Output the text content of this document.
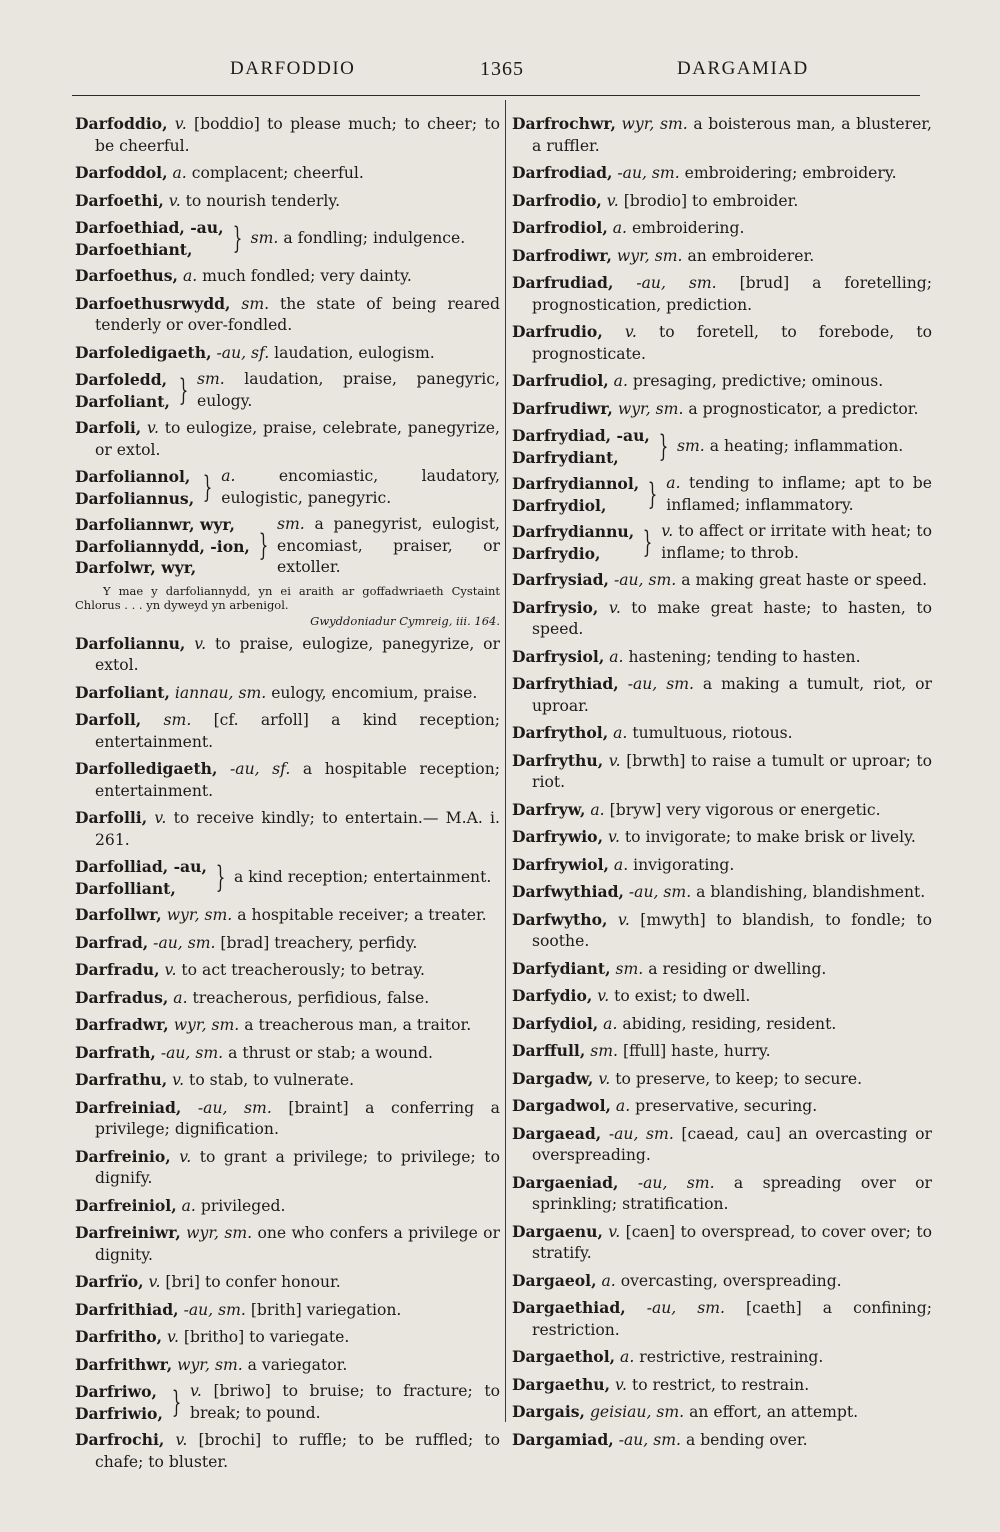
DARFODDIO	1365	DARGAMIAD
Darfoddio, v. [boddio] to please much; to cheer; to be cheerful.
Darfoddol, a. complacent; cheerful.
Darfoethi, v. to nourish tenderly.
Darfoethiad, -au,
Darfoethiant,	} sm. a fondling; indulgence.
Darfoethus, a. much fondled; very dainty.
Darfoethusrwydd, sm. the state of being reared tenderly or over-fondled.
Darfoledigaeth, -au, sf. laudation, eulogism.
Darfoledd,
Darfoliant, } sm. laudation, praise, panegyric, eulogy.
Darfoli, v. to eulogize, praise, celebrate, panegyrize, or extol.
Darfoliannol,
Darfoliannus, } a.	encomiastic, laudatory, eulogistic, panegyric.
Darfoliannwr, wyr,
Darfoliannydd, -ion,
Darfolwr, wyr,
}
sm. a panegyrist, eulogist, encomiast, praiser, or extoller.
Y mae y darfoliannydd, yn ei araith ar goffadwriaeth Cystaint Chlorus . . . yn dyweyd yn arbenigol.
Gwyddoniadur Cymreig, iii. 164.
Darfoliannu, v. to praise, eulogize, panegyrize, or extol.
Darfoliant, iannau, sm. eulogy, encomium, praise.
Darfoll, sm. [cf. arfoll] a kind reception; entertainment.
Darfolledigaeth, -au, sf. a hospitable reception; entertainment.
Darfolli, v. to receive kindly; to entertain.— M.A. i. 261.
Darfolliad, -au,
Darfolliant,	} a kind reception; entertainment.
Darfollwr, wyr, sm. a hospitable receiver; a treater.
Darfrad, -au, sm. [brad] treachery, perfidy.
Darfradu, v. to act treacherously; to betray.
Darfradus, a. treacherous, perfidious, false.
Darfradwr, wyr, sm. a treacherous man, a traitor.
Darfrath, -au, sm. a thrust or stab; a wound.
Darfrathu, v. to stab, to vulnerate.
Darfreiniad, -au, sm. [braint] a conferring a privilege; dignification.
Darfreinio, v. to grant a privilege; to privilege; to dignify.
Darfreiniol, a. privileged.
Darfreiniwr, wyr, sm. one who confers a privilege or dignity.
Darfrïo, v. [bri] to confer honour.
Darfrithiad, -au, sm. [brith] variegation.
Darfritho, v. [britho] to variegate.
Darfrithwr, wyr, sm. a variegator.
Darfriwo,
Darfriwio, } v. [briwo] to bruise; to fracture; to break; to pound.
Darfrochi, v. [brochi] to ruffle; to be ruffled; to chafe; to bluster.
Darfrochwr, wyr, sm. a boisterous man, a blusterer, a ruffler.
Darfrodiad, -au, sm. embroidering; embroidery.
Darfrodio, v. [brodio] to embroider.
Darfrodiol, a. embroidering.
Darfrodiwr, wyr, sm. an embroiderer.
Darfrudiad, -au, sm. [brud] a foretelling; prognostication, prediction.
Darfrudio, v. to foretell, to forebode, to prognosticate.
Darfrudiol, a. presaging, predictive; ominous.
Darfrudiwr, wyr, sm. a prognosticator, a predictor.
Darfrydiad, -au,
Darfrydiant,	} sm. a heating; inflammation.
Darfrydiannol,
Darfrydiol,	} a. tending to inflame; apt to be inflamed; inflammatory.
Darfrydiannu,
Darfrydio,	} v. to affect or irritate with heat; to inflame; to throb.
Darfrysiad, -au, sm. a making great haste or speed.
Darfrysio, v. to make great haste; to hasten, to speed.
Darfrysiol, a. hastening; tending to hasten.
Darfrythiad, -au, sm. a making a tumult, riot, or uproar.
Darfrythol, a. tumultuous, riotous.
Darfrythu, v. [brwth] to raise a tumult or uproar; to riot.
Darfryw, a. [bryw] very vigorous or energetic.
Darfrywio, v. to invigorate; to make brisk or lively.
Darfrywiol, a. invigorating.
Darfwythiad, -au, sm. a blandishing, blandishment.
Darfwytho, v. [mwyth] to blandish, to fondle; to soothe.
Darfydiant, sm. a residing or dwelling.
Darfydio, v. to exist; to dwell.
Darfydiol, a. abiding, residing, resident.
Darffull, sm. [ffull] haste, hurry.
Dargadw, v. to preserve, to keep; to secure.
Dargadwol, a. preservative, securing.
Dargaead, -au, sm. [caead, cau] an overcasting or overspreading.
Dargaeniad, -au, sm. a spreading over or sprinkling; stratification.
Dargaenu, v. [caen] to overspread, to cover over; to stratify.
Dargaeol, a. overcasting, overspreading.
Dargaethiad, -au, sm. [caeth] a confining; restriction.
Dargaethol, a. restrictive, restraining.
Dargaethu, v. to restrict, to restrain.
Dargais, geisiau, sm. an effort, an attempt.
Dargamiad, -au, sm. a bending over.
